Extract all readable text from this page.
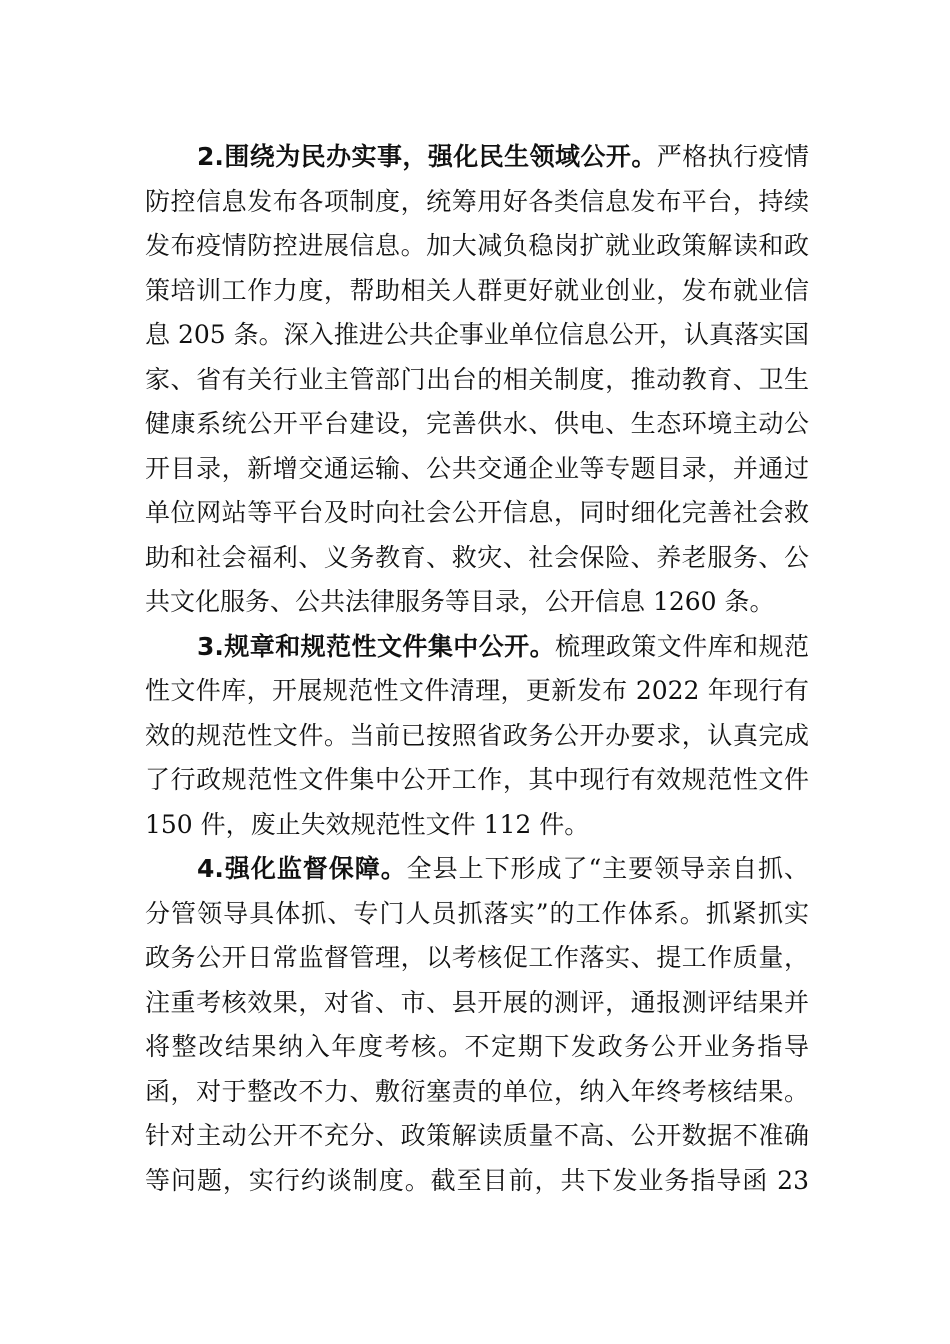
2.围绕为民办实事，强化民生领域公开。严格执行疫情
防控信息发布各项制度，统筹用好各类信息发布平台，持续
发布疫情防控进展信息。加大减负稳岗扩就业政策解读和政
策培训工作力度，帮助相关人群更好就业创业，发布就业信
息 205 条。深入推进公共企事业单位信息公开，认真落实国
家、省有关行业主管部门出台的相关制度，推动教育、卫生
健康系统公开平台建设，完善供水、供电、生态环境主动公
开目录，新增交通运输、公共交通企业等专题目录，并通过
单位网站等平台及时向社会公开信息，同时细化完善社会救
助和社会福利、义务教育、救灾、社会保险、养老服务、公
共文化服务、公共法律服务等目录，公开信息 1260 条。
3.规章和规范性文件集中公开。梳理政策文件库和规范
性文件库，开展规范性文件清理，更新发布 2022 年现行有
效的规范性文件。当前已按照省政务公开办要求，认真完成
了行政规范性文件集中公开工作，其中现行有效规范性文件
150 件，废止失效规范性文件 112 件。
4.强化监督保障。全县上下形成了“主要领导亲自抓、
分管领导具体抓、专门人员抓落实”的工作体系。抓紧抓实
政务公开日常监督管理，以考核促工作落实、提工作质量，
注重考核效果，对省、市、县开展的测评，通报测评结果并
将整改结果纳入年度考核。不定期下发政务公开业务指导
函，对于整改不力、敷衍塞责的单位，纳入年终考核结果。
针对主动公开不充分、政策解读质量不高、公开数据不准确
等问题，实行约谈制度。截至目前，共下发业务指导函 23
